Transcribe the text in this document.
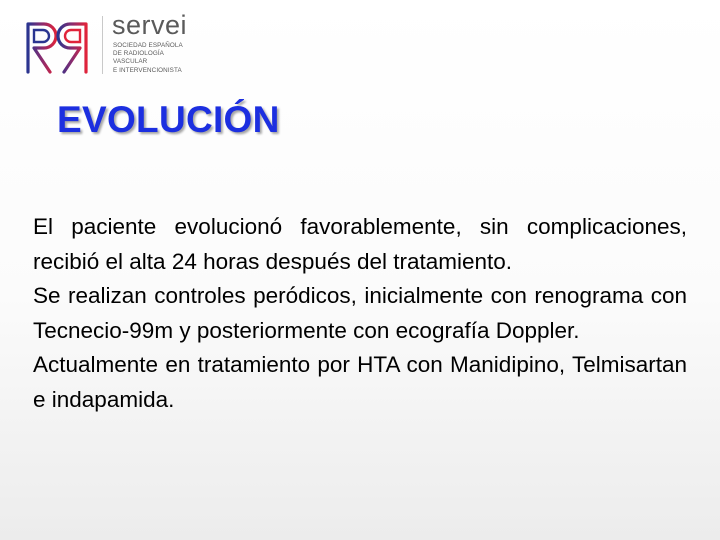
servei
SOCIEDAD ESPAÑOLA
DE RADIOLOGÍA
VASCULAR
E INTERVENCIONISTA
EVOLUCIÓN

El paciente evolucionó favorablemente, sin complicaciones, recibió el alta 24 horas después del tratamiento.

Se realizan controles peródicos, inicialmente con renograma con Tecnecio-99m y posteriormente con ecografía Doppler.

Actualmente en tratamiento por HTA con Manidipino, Telmisartan e indapamida.
